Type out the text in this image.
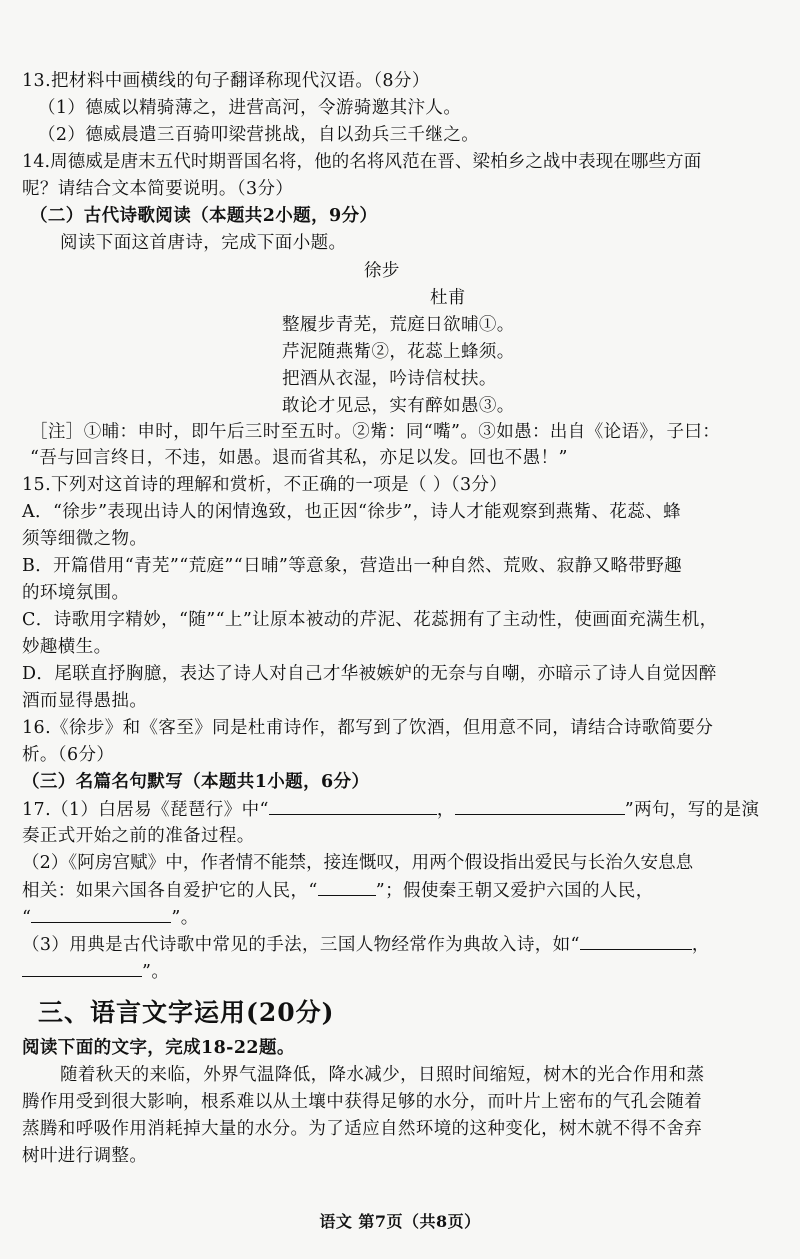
13.把材料中画横线的句子翻译称现代汉语。（8分）
（1）德威以精骑薄之，进营高河，令游骑邀其汴人。
（2）德威晨遣三百骑叩梁营挑战，自以劲兵三千继之。
14.周德威是唐末五代时期晋国名将，他的名将风范在晋、梁柏乡之战中表现在哪些方面
呢？请结合文本简要说明。（3分）
（二）古代诗歌阅读（本题共2小题，9分）
阅读下面这首唐诗，完成下面小题。
徐步
杜甫
整履步青芜，荒庭日欲晡①。
芹泥随燕觜②，花蕊上蜂须。
把酒从衣湿，吟诗信杖扶。
敢论才见忌，实有醉如愚③。
［注］①晡：申时，即午后三时至五时。②觜：同“嘴”。③如愚：出自《论语》，子曰：
“吾与回言终日，不违，如愚。退而省其私，亦足以发。回也不愚！”
15.下列对这首诗的理解和赏析，不正确的一项是（ ）（3分）
A．“徐步”表现出诗人的闲情逸致，也正因“徐步”，诗人才能观察到燕觜、花蕊、蜂
须等细微之物。
B．开篇借用“青芜”“荒庭”“日晡”等意象，营造出一种自然、荒败、寂静又略带野趣
的环境氛围。
C．诗歌用字精妙，“随”“上”让原本被动的芹泥、花蕊拥有了主动性，使画面充满生机，
妙趣横生。
D．尾联直抒胸臆，表达了诗人对自己才华被嫉妒的无奈与自嘲，亦暗示了诗人自觉因醉
酒而显得愚拙。
16.《徐步》和《客至》同是杜甫诗作，都写到了饮酒，但用意不同，请结合诗歌简要分
析。（6分）
（三）名篇名句默写（本题共1小题，6分）
17.（1）白居易《琵琶行》中“	，	”两句，写的是演
奏正式开始之前的准备过程。
（2）《阿房宫赋》中，作者情不能禁，接连慨叹，用两个假设指出爱民与长治久安息息
相关：如果六国各自爱护它的人民，“	”；假使秦王朝又爱护六国的人民，
“	”。
（3）用典是古代诗歌中常见的手法，三国人物经常作为典故入诗，如“	，
”。
三、语言文字运用(20分)
阅读下面的文字，完成18-22题。
随着秋天的来临，外界气温降低，降水减少，日照时间缩短，树木的光合作用和蒸
腾作用受到很大影响，根系难以从土壤中获得足够的水分，而叶片上密布的气孔会随着
蒸腾和呼吸作用消耗掉大量的水分。为了适应自然环境的这种变化，树木就不得不舍弃
树叶进行调整。
语文 第7页（共8页）
